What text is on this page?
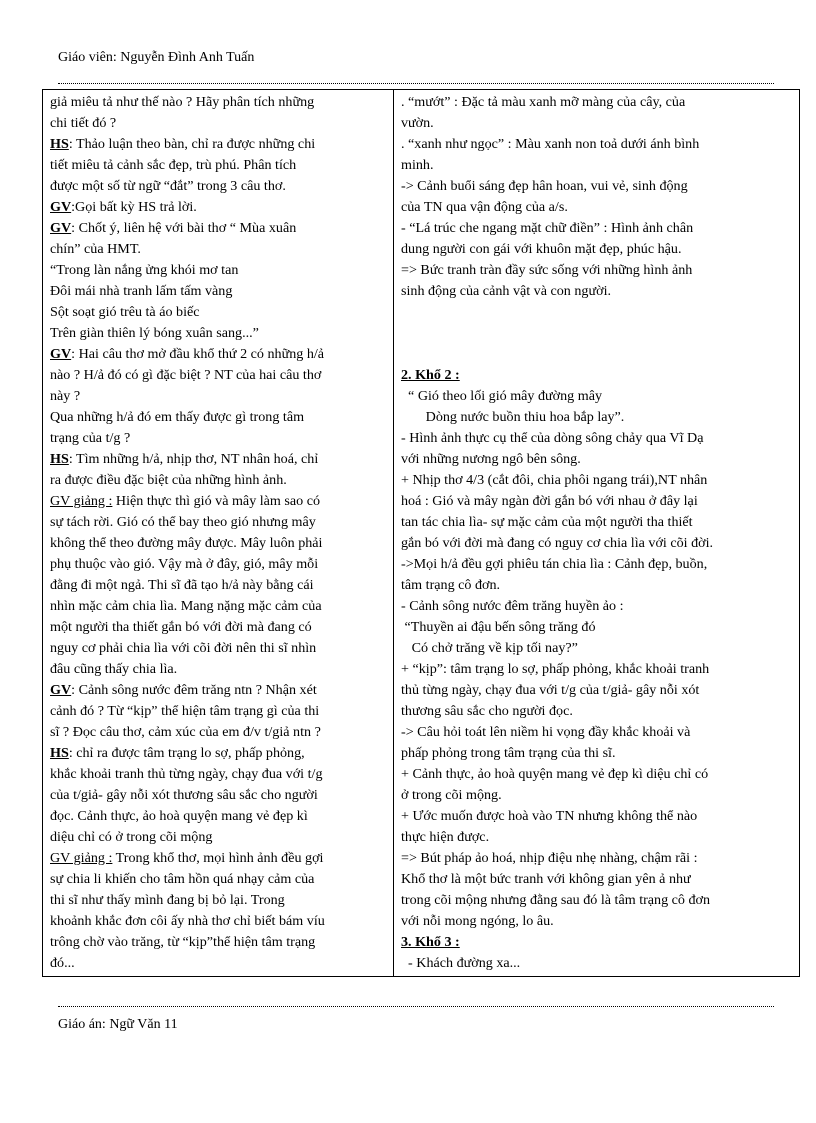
Giáo viên: Nguyễn Đình Anh Tuấn
giả miêu tả như thế nào ? Hãy phân tích những
chi tiết đó ?
HS: Thảo luận theo bàn, chỉ ra được những chi
tiết miêu tả cảnh sắc đẹp, trù phú. Phân tích
được một số từ ngữ “đắt” trong 3 câu thơ.
GV:Gọi bất kỳ HS trả lời.
GV: Chốt ý, liên hệ với bài thơ “ Mùa xuân
chín” của HMT.
“Trong làn nắng ửng khói mơ tan
Đôi mái nhà tranh lấm tấm vàng
Sột soạt gió trêu tà áo biếc
Trên giàn thiên lý bóng xuân sang...”
GV: Hai câu thơ mở đầu khổ thứ 2 có những h/ả
nào ? H/ả đó có gì đặc biệt ? NT của hai câu thơ
này ?
Qua những h/ả đó em thấy được gì trong tâm
trạng của t/g ?
HS: Tìm những h/ả, nhịp thơ, NT nhân hoá, chỉ
ra được điều đặc biệt của những hình ảnh.
GV giảng : Hiện thực thì gió và mây làm sao có
sự tách rời. Gió có thể bay theo gió nhưng mây
không thể theo đường mây được. Mây luôn phải
phụ thuộc vào gió. Vậy mà ở đây, gió, mây mỗi
đằng đi một ngả. Thi sĩ đã tạo h/ả này bằng cái
nhìn mặc cảm chia lìa. Mang nặng mặc cảm của
một người tha thiết gắn bó với đời mà đang có
nguy cơ phải chia lìa với cõi đời nên thi sĩ nhìn
đâu cũng thấy chia lìa.
GV: Cảnh sông nước đêm trăng ntn ? Nhận xét
cảnh đó ? Từ “kịp” thể hiện tâm trạng gì của thi
sĩ ? Đọc câu thơ, cảm xúc của em đ/v t/giả ntn ?
HS: chỉ ra được tâm trạng lo sợ, phấp phỏng,
khắc khoải tranh thủ từng ngày, chạy đua với t/g
của t/giả- gây nỗi xót thương sâu sắc cho người
đọc. Cảnh thực, ảo hoà quyện mang vẻ đẹp kì
diệu chỉ có ở trong cõi mộng
GV giảng : Trong khổ thơ, mọi hình ảnh đều gợi
sự chia li khiến cho tâm hồn quá nhạy cảm của
thi sĩ như thấy mình đang bị bỏ lại. Trong
khoảnh khắc đơn côi ấy nhà thơ chỉ biết bám víu
trông chờ vào trăng, từ “kịp”thể hiện tâm trạng
đó...

. “mướt” : Đặc tả màu xanh mỡ màng của cây, của
vườn.
. “xanh như ngọc” : Màu xanh non toả dưới ánh bình
minh.
-> Cảnh buổi sáng đẹp hân hoan, vui vẻ, sinh động
của TN qua vận động của a/s.
- “Lá trúc che ngang mặt chữ điền” : Hình ảnh chân
dung người con gái với khuôn mặt đẹp, phúc hậu.
=> Bức tranh tràn đầy sức sống với những hình ảnh
sinh động của cảnh vật và con người.
2. Khổ 2 :
“ Gió theo lối gió mây đường mây
Dòng nước buồn thiu hoa bắp lay”.
- Hình ảnh thực cụ thể của dòng sông chảy qua Vĩ Dạ
với những nương ngô bên sông.
+ Nhịp thơ 4/3 (cắt đôi, chia phôi ngang trái),NT nhân
hoá : Gió và mây ngàn đời gắn bó với nhau ở đây lại
tan tác chia lìa- sự mặc cảm của một người tha thiết
gắn bó với đời mà đang có nguy cơ chia lìa với cõi đời.
->Mọi h/ả đều gợi phiêu tán chia lìa : Cảnh đẹp, buồn,
tâm trạng cô đơn.
- Cảnh sông nước đêm trăng huyền ảo :
“Thuyền ai đậu bến sông trăng đó
Có chở trăng về kịp tối nay?”
+ “kịp”: tâm trạng lo sợ, phấp phỏng, khắc khoải tranh
thủ từng ngày, chạy đua với t/g của t/giả- gây nỗi xót
thương sâu sắc cho người đọc.
-> Câu hỏi toát lên niềm hi vọng đầy khắc khoải và
phấp phỏng trong tâm trạng của thi sĩ.
+ Cảnh thực, ảo hoà quyện mang vẻ đẹp kì diệu chỉ có
ở trong cõi mộng.
+ Ước muốn được hoà vào TN nhưng không thể nào
thực hiện được.
=> Bút pháp ảo hoá, nhịp điệu nhẹ nhàng, chậm rãi :
Khổ thơ là một bức tranh với không gian yên ả như
trong cõi mộng nhưng đằng sau đó là tâm trạng cô đơn
với nỗi mong ngóng, lo âu.
3. Khổ 3 :
- Khách đường xa...
Giáo án: Ngữ Văn 11
